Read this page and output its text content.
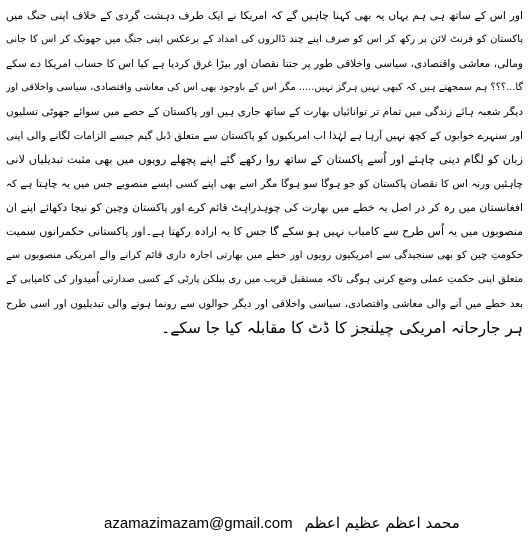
اور اس کے ساتھ ہی ہم یہاں یہ بھی کہنا چاہیں گے کہ امریکا نے ایک طرف دہشت گردی کے خلاف اپنی جنگ میں
پاکستان کو فرنٹ لائن پر رکھ کر اس کو صرف اپنے چند ڈالروں کی امداد کے برعکس اپنی جنگ میں جھونک کر اس کا جانی
ومالی، معاشی واقتصادی، سیاسی واخلاقی طور پر جتنا نقصان اور بیڑا غرق کردیا ہے کیا اس کا حساب امریکا دے سکے
گا...؟؟؟ ہم سمجھتے ہیں کہ کبھی نہیں ہرگز نہیں..... مگر اس کے باوجود بھی اس کی معاشی واقتصادی، سیاسی واخلاقی اور
دیگر شعبہ ہائے زندگی میں تمام تر توانائیاں بھارت کے ساتھ جاری ہیں اور پاکستان کے حصے میں سوائے جھوٹی تسلیوں
اور سنہرے خوابوں کے کچھ نہیں آرہا ہے لہٰذا اب امریکیوں کو پاکستان سے متعلق ڈبل گیم جیسے الزامات لگانے والی اپنی
زبان کو لگام دینی چاہئے اور اُسے پاکستان کے ساتھ روا رکھے گئے اپنے پچھلے رویوں میں بھی مثبت تبدیلیاں لانی
چاہئیں ورنہ اس کا نقصان پاکستان کو جو ہوگا سو ہوگا مگر اسے بھی اپنے کسی ایسے منصوبے جس میں یہ چاہتا ہے کہ
افغانستان میں رہ کر در اصل یہ خطے میں بھارت کی چوہدراہٹ قائم کرے اور پاکستان وچین کو نیچا دکھائے اپنے ان
منصوبوں میں یہ اُس طرح سے کامیاب نہیں ہو سکے گا جس کا یہ ارادہ رکھتا ہے۔اور پاکستانی حکمرانوں سمیت
حکومتِ چین کو بھی سنجیدگی سے امریکیوں رویوں اور خطے میں بھارتی اجارہ داری قائم کرانے والے امریکی منصوبوں سے
متعلق اپنی حکمتِ عملی وضع کرنی ہوگی تاکہ مستقبل قریب میں ری پبلکن پارٹی کے کسی صدارتی اُمیدوار کی کامیابی کے
بعد خطے میں آنے والی معاشی واقتصادی، سیاسی واخلاقی اور دیگر حوالوں سے رونما ہونے والی تبدیلیوں اور اسی طرح
ہر جارحانہ امریکی چیلنجز کا ڈٹ کا مقابلہ کیا جا سکے۔
azamazimazam@gmail.com محمد اعظم عظیم اعظم
